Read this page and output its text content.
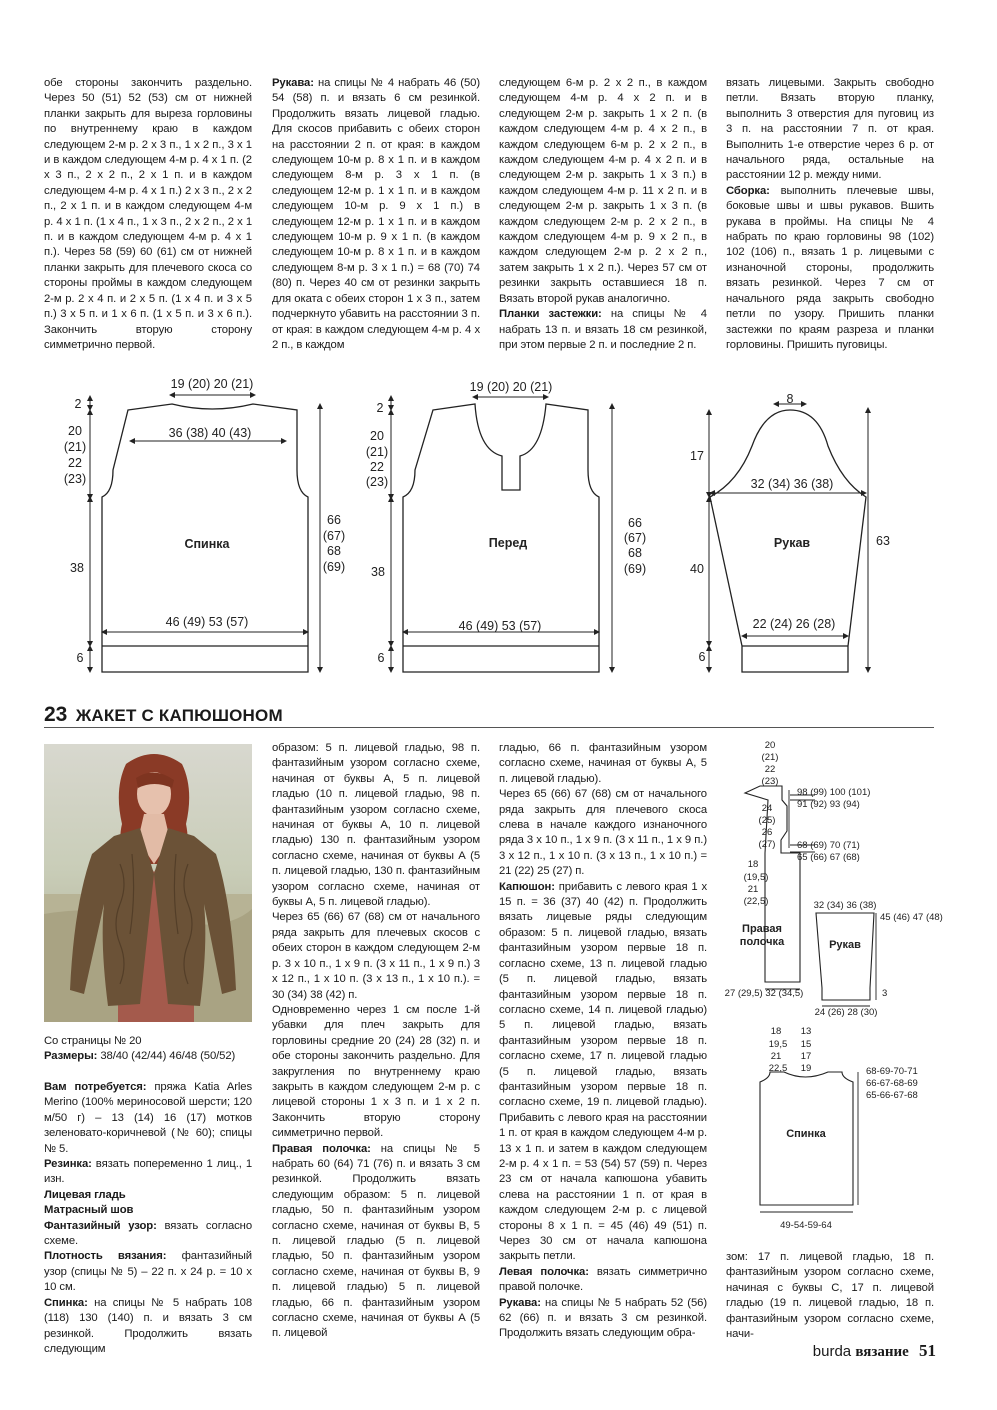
обе стороны закончить раздельно. Через 50 (51) 52 (53) см от нижней планки закрыть для выреза горловины по внутреннему краю в каждом следующем 2-м р. 2 х 3 п., 1 х 2 п., 3 х 1 и в каждом следующем 4-м р. 4 х 1 п. (2 х 3 п., 2 х 2 п., 2 х 1 п. и в каждом следующем 4-м р. 4 х 1 п.) 2 х 3 п., 2 х 2 п., 2 х 1 п. и в каждом следующем 4-м р. 4 х 1 п. (1 х 4 п., 1 х 3 п., 2 х 2 п., 2 х 1 п. и в каждом следующем 4-м р. 4 х 1 п.). Через 58 (59) 60 (61) см от нижней планки закрыть для плечевого скоса со стороны проймы в каждом следующем 2-м р. 2 х 4 п. и 2 х 5 п. (1 х 4 п. и 3 х 5 п.) 3 х 5 п. и 1 х 6 п. (1 х 5 п. и 3 х 6 п.). Закончить вторую сторону симметрично первой.

Рукава: на спицы № 4 набрать 46 (50) 54 (58) п. и вязать 6 см резинкой. Продолжить вязать лицевой гладью. Для скосов прибавить с обеих сторон на расстоянии 2 п. от края: в каждом следующем 10-м р. 8 х 1 п. и в каждом следующем 8-м р. 3 х 1 п. (в следующем 12-м р. 1 х 1 п. и в каждом следующем 10-м р. 9 х 1 п.) в следующем 12-м р. 1 х 1 п. и в каждом следующем 10-м р. 9 х 1 п. (в каждом следующем 10-м р. 8 х 1 п. и в каждом следующем 8-м р. 3 х 1 п.) = 68 (70) 74 (80) п. Через 40 см от резинки закрыть для оката с обеих сторон 1 х 3 п., затем подчеркнуто убавить на расстоянии 3 п. от края: в каждом следующем 4-м р. 4 х 2 п., в каждом

следующем 6-м р. 2 х 2 п., в каждом следующем 4-м р. 4 х 2 п. и в следующем 2-м р. закрыть 1 х 2 п. (в каждом следующем 4-м р. 4 х 2 п., в каждом следующем 6-м р. 2 х 2 п., в каждом следующем 4-м р. 4 х 2 п. и в следующем 2-м р. закрыть 1 х 3 п.) в каждом следующем 4-м р. 11 х 2 п. и в следующем 2-м р. закрыть 1 х 3 п. (в каждом следующем 2-м р. 2 х 2 п., в каждом следующем 4-м р. 9 х 2 п., в каждом следующем 2-м р. 2 х 2 п., затем закрыть 1 х 2 п.). Через 57 см от резинки закрыть оставшиеся 18 п. Вязать второй рукав аналогично.

Планки застежки: на спицы № 4 набрать 13 п. и вязать 18 см резинкой, при этом первые 2 п. и последние 2 п.

вязать лицевыми. Закрыть свободно петли. Вязать вторую планку, выполнить 3 отверстия для пуговиц из 3 п. на расстоянии 7 п. от края. Выполнить 1-е отверстие через 6 р. от начального ряда, остальные на расстоянии 12 р. между ними.

Сборка: выполнить плечевые швы, боковые швы и швы рукавов. Вшить рукава в проймы. На спицы № 4 набрать по краю горловины 98 (102) 102 (106) п., вязать 1 р. лицевыми с изнаночной стороны, продолжить вязать резинкой. Через 7 см от начального ряда закрыть свободно петли по узору. Пришить планки застежки по краям разреза и планки горловины. Пришить пуговицы.

19 (20) 20 (21)
36 (38) 40 (43)
2
20
(21)
22
(23)
38
6
46 (49) 53 (57)
66
(67)
68
(69)
Спинка
19 (20) 20 (21)
2
20
(21)
22
(23)
38
6
46 (49) 53 (57)
66
(67)
68
(69)
Перед
8
17
32 (34) 36 (38)
40
6
22 (24) 26 (28)
63
Рукав
23 ЖАКЕТ С КАПЮШОНОМ

Со страницы № 20

Размеры: 38/40 (42/44) 46/48 (50/52)

Вам потребуется: пряжа Katia Arles Merino (100% мериносовой шерсти; 120 м/50 г) – 13 (14) 16 (17) мотков зеленовато-коричневой (№ 60); спицы № 5.
Резинка: вязать попеременно 1 лиц., 1 изн.
Лицевая гладь
Матрасный шов
Фантазийный узор: вязать согласно схеме.
Плотность вязания: фантазийный узор (спицы № 5) – 22 п. х 24 р. = 10 х 10 см.
Спинка: на спицы № 5 набрать 108 (118) 130 (140) п. и вязать 3 см резинкой. Продолжить вязать следующим

образом: 5 п. лицевой гладью, 98 п. фантазийным узором согласно схеме, начиная от буквы А, 5 п. лицевой гладью (10 п. лицевой гладью, 98 п. фантазийным узором согласно схеме, начиная от буквы А, 10 п. лицевой гладью) 130 п. фантазийным узором согласно схеме, начиная от буквы А (5 п. лицевой гладью, 130 п. фантазийным узором согласно схеме, начиная от буквы А, 5 п. лицевой гладью).
Через 65 (66) 67 (68) см от начального ряда закрыть для плечевых скосов с обеих сторон в каждом следующем 2-м р. 3 х 10 п., 1 х 9 п. (3 х 11 п., 1 х 9 п.) 3 х 12 п., 1 х 10 п. (3 х 13 п., 1 х 10 п.). = 30 (34) 38 (42) п.
Одновременно через 1 см после 1-й убавки для плеч закрыть для горловины средние 20 (24) 28 (32) п. и обе стороны закончить раздельно. Для закругления по внутреннему краю закрыть в каждом следующем 2-м р. с лицевой стороны 1 х 3 п. и 1 х 2 п. Закончить вторую сторону симметрично первой.
Правая полочка: на спицы № 5 набрать 60 (64) 71 (76) п. и вязать 3 см резинкой. Продолжить вязать следующим образом: 5 п. лицевой гладью, 50 п. фантазийным узором согласно схеме, начиная от буквы В, 5 п. лицевой гладью (5 п. лицевой гладью, 50 п. фантазийным узором согласно схеме, начиная от буквы В, 9 п. лицевой гладью) 5 п. лицевой гладью, 66 п. фантазийным узором согласно схеме, начиная от буквы А (5 п. лицевой

гладью, 66 п. фантазийным узором согласно схеме, начиная от буквы А, 5 п. лицевой гладью).
Через 65 (66) 67 (68) см от начального ряда закрыть для плечевого скоса слева в начале каждого изнаночного ряда 3 х 10 п., 1 х 9 п. (3 х 11 п., 1 х 9 п.) 3 х 12 п., 1 х 10 п. (3 х 13 п., 1 х 10 п.) = 21 (22) 25 (27) п.
Капюшон: прибавить с левого края 1 х 15 п. = 36 (37) 40 (42) п. Продолжить вязать лицевые ряды следующим образом: 5 п. лицевой гладью, вязать фантазийным узором первые 18 п. согласно схеме, 13 п. лицевой гладью (5 п. лицевой гладью, вязать фантазийным узором первые 18 п. согласно схеме, 14 п. лицевой гладью) 5 п. лицевой гладью, вязать фантазийным узором первые 18 п. согласно схеме, 17 п. лицевой гладью (5 п. лицевой гладью, вязать фантазийным узором первые 18 п. согласно схеме, 19 п. лицевой гладью). Прибавить с левого края на расстоянии 1 п. от края в каждом следующем 4-м р. 13 х 1 п. и затем в каждом следующем 2-м р. 4 х 1 п. = 53 (54) 57 (59) п. Через 23 см от начала капюшона убавить слева на расстоянии 1 п. от края в каждом следующем 2-м р. с лицевой стороны 8 х 1 п. = 45 (46) 49 (51) п. Через 30 см от начала капюшона закрыть петли.
Левая полочка: вязать симметрично правой полочке.
Рукава: на спицы № 5 набрать 52 (56) 62 (66) п. и вязать 3 см резинкой. Продолжить вязать следующим обра-

зом: 17 п. лицевой гладью, 18 п. фантазийным узором согласно схеме, начиная с буквы С, 17 п. лицевой гладью (19 п. лицевой гладью, 18 п. фантазийным узором согласно схеме, начи-

20
(21)
22
(23)
98 (99) 100 (101)
91 (92) 93 (94)
24
(25)
26
(27) 68 (69) 70 (71)
65 (66) 67 (68)
18
(19,5)
21
(22,5)
Правая
полочка
27 (29,5) 32 (34,5)
32 (34) 36 (38)
45 (46) 47 (48)
Рукав
3
24 (26) 28 (30)
18
19,5
21
22,5
13
15
17
19	68-69-70-71
66-67-68-69
65-66-67-68
Спинка
49-54-59-64
burda вязание 51
